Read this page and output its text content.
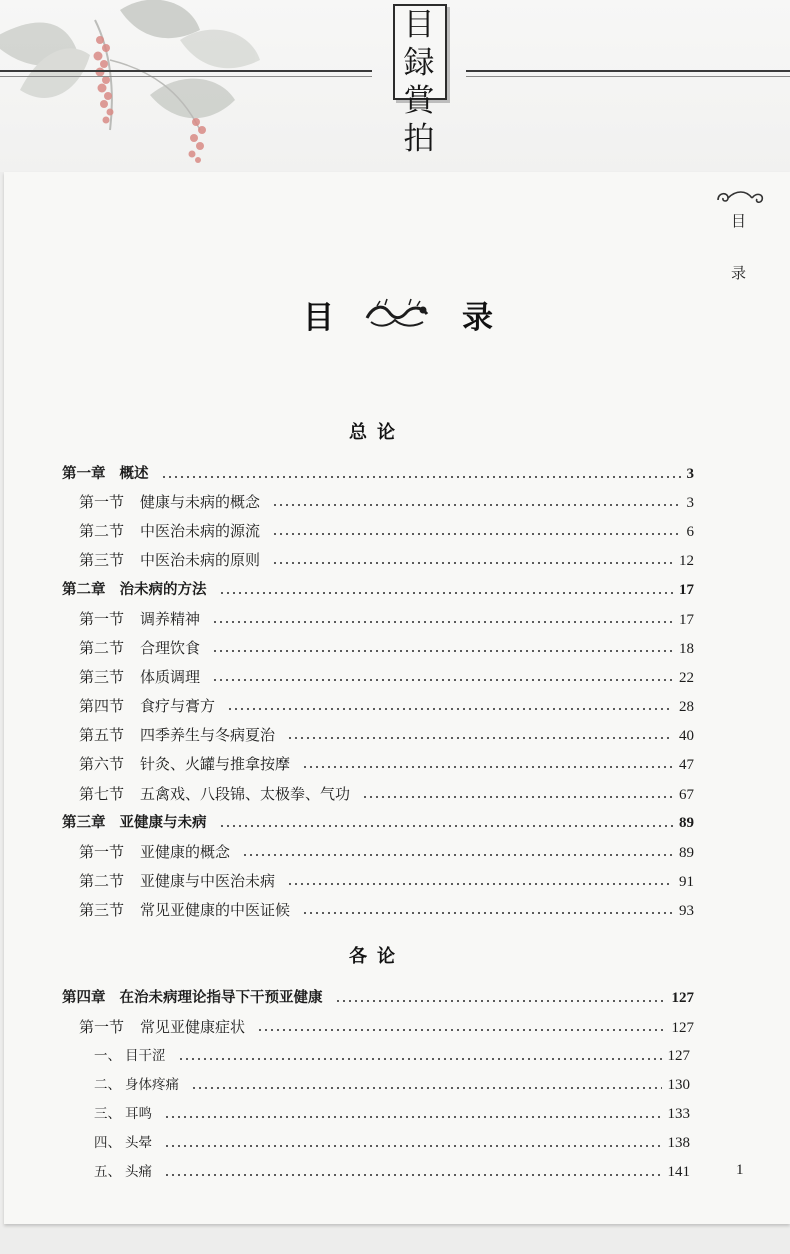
目
録
賞
拍
目
录
目	录
总论
各论
第一章 概述	3
第一节 健康与未病的概念	3
第二节 中医治未病的源流	6
第三节 中医治未病的原则	12
第二章 治未病的方法	17
第一节 调养精神	17
第二节 合理饮食	18
第三节 体质调理	22
第四节 食疗与膏方	28
第五节 四季养生与冬病夏治	40
第六节 针灸、火罐与推拿按摩	47
第七节 五禽戏、八段锦、太极拳、气功	67
第三章 亚健康与未病	89
第一节 亚健康的概念	89
第二节 亚健康与中医治未病	91
第三节 常见亚健康的中医证候	93
第四章 在治未病理论指导下干预亚健康	127
第一节 常见亚健康症状	127
一、 目干涩	127
二、 身体疼痛	130
三、 耳鸣	133
四、 头晕	138
五、 头痛	141	1
